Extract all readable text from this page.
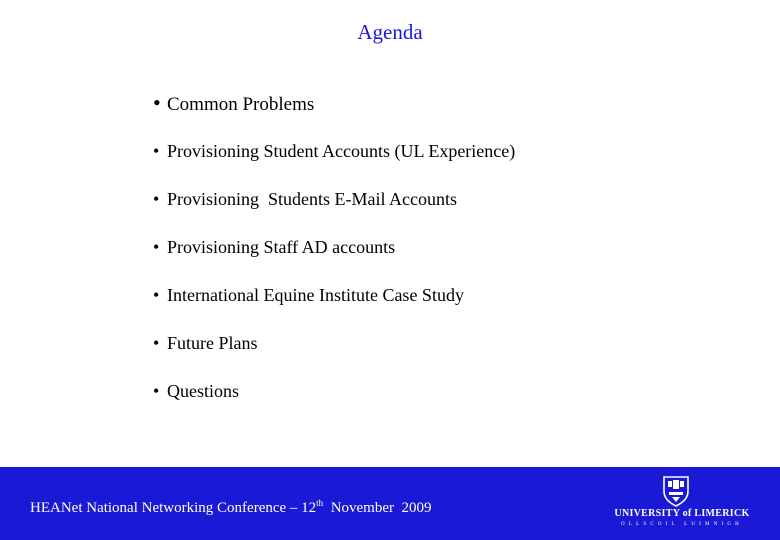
Agenda
• Common Problems
• Provisioning Student Accounts (UL Experience)
• Provisioning  Students E-Mail Accounts
• Provisioning Staff AD accounts
• International Equine Institute Case Study
• Future Plans
• Questions
HEANet National Networking Conference – 12th  November  2009	UNIVERSITY of LIMERICK
OLLSCOIL LUIMNIGH
